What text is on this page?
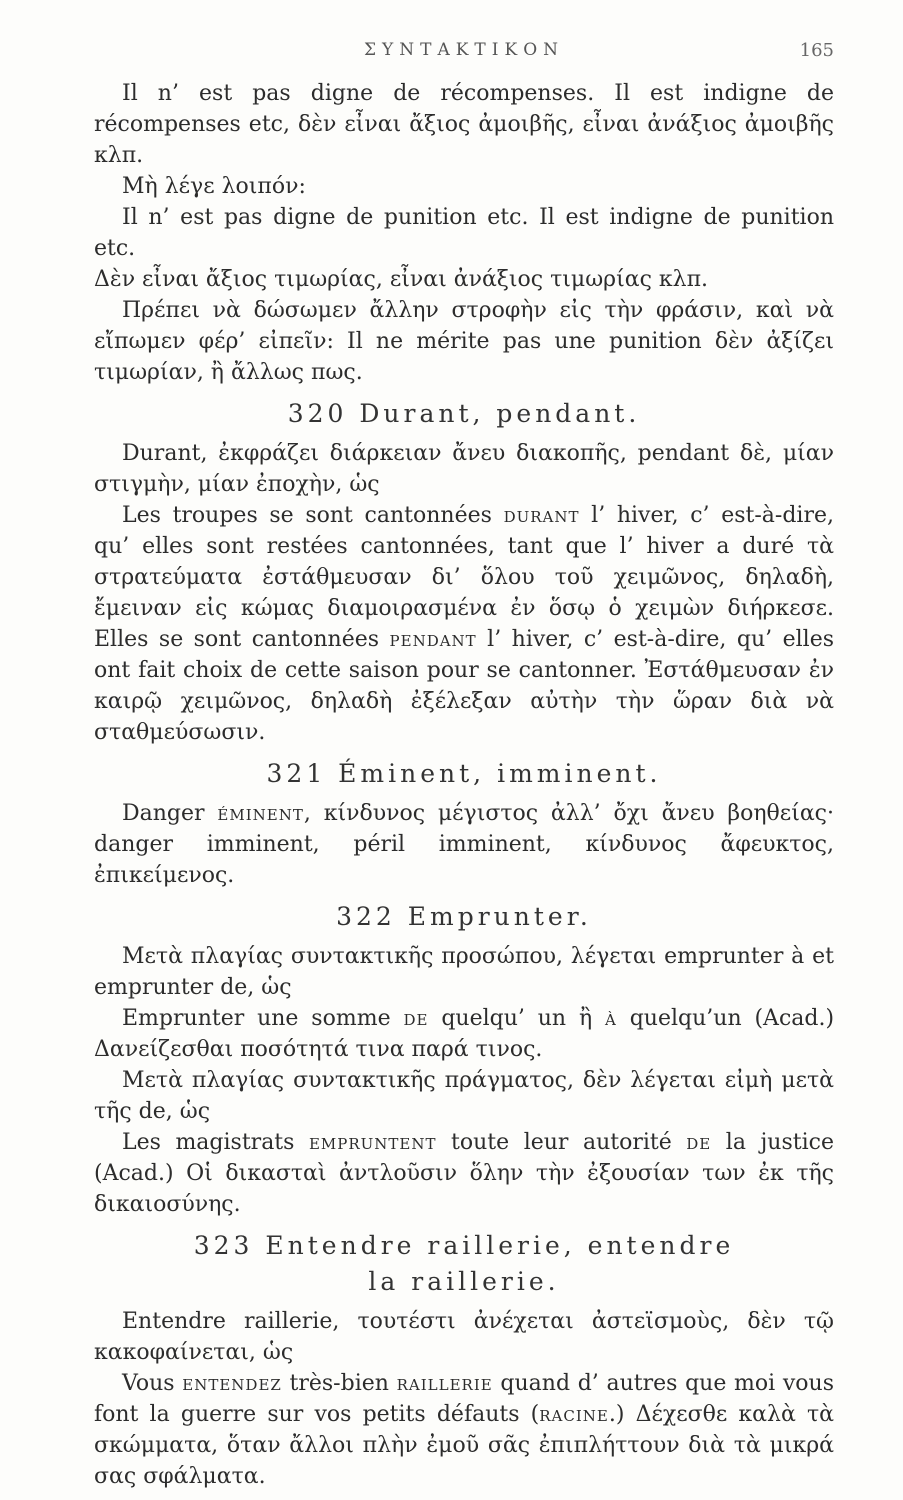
ΣΥΝΤΑΚΤΙΚΟΝ	165

Il n’ est pas digne de récompenses. Il est indigne de récompenses etc, δὲν εἶναι ἄξιος ἀμοιβῆς, εἶναι ἀνάξιος ἀμοιβῆς κλπ.

Μὴ λέγε λοιπόν:

Il n’ est pas digne de punition etc. Il est indigne de punition etc.

Δὲν εἶναι ἄξιος τιμωρίας, εἶναι ἀνάξιος τιμωρίας κλπ.

Πρέπει νὰ δώσωμεν ἄλλην στροφὴν εἰς τὴν φράσιν, καὶ νὰ εἴπωμεν φέρ’ εἰπεῖν: Il ne mérite pas une punition δὲν ἀξίζει τιμωρίαν, ἢ ἄλλως πως.

320 Durant, pendant.

Durant, ἐκφράζει διάρκειαν ἄνευ διακοπῆς, pendant δὲ, μίαν στιγμὴν, μίαν ἐποχὴν, ὡς

Les troupes se sont cantonnées durant l’ hiver, c’ est-à-dire, qu’ elles sont restées cantonnées, tant que l’ hiver a duré τὰ στρατεύματα ἐστάθμευσαν δι’ ὅλου τοῦ χειμῶνος, δηλαδὴ, ἔμειναν εἰς κώμας διαμοιρασμένα ἐν ὅσῳ ὁ χειμὼν διήρκεσε. Elles se sont cantonnées pendant l’ hiver, c’ est-à-dire, qu’ elles ont fait choix de cette saison pour se cantonner. Ἐστάθμευσαν ἐν καιρῷ χειμῶνος, δηλαδὴ ἐξέλεξαν αὐτὴν τὴν ὥραν διὰ νὰ σταθμεύσωσιν.

321 Éminent, imminent.

Danger éminent, κίνδυνος μέγιστος ἀλλ’ ὄχι ἄνευ βοηθείας· danger imminent, péril imminent, κίνδυνος ἄφευκτος, ἐπικείμενος.

322 Emprunter.

Μετὰ πλαγίας συντακτικῆς προσώπου, λέγεται emprunter à et emprunter de, ὡς

Emprunter une somme de quelqu’ un ἢ à quelqu’un (Acad.) Δανείζεσθαι ποσότητά τινα παρά τινος.

Μετὰ πλαγίας συντακτικῆς πράγματος, δὲν λέγεται εἰμὴ μετὰ τῆς de, ὡς

Les magistrats empruntent toute leur autorité de la justice (Acad.) Οἱ δικασταὶ ἀντλοῦσιν ὅλην τὴν ἐξουσίαν των ἐκ τῆς δικαιοσύνης.

323 Entendre raillerie, entendre
la raillerie.

Entendre raillerie, τουτέστι ἀνέχεται ἀστεϊσμοὺς, δὲν τῷ κακοφαίνεται, ὡς

Vous entendez très-bien raillerie quand d’ autres que moi vous font la guerre sur vos petits défauts (racine.) Δέχεσθε καλὰ τὰ σκώμματα, ὅταν ἄλλοι πλὴν ἐμοῦ σᾶς ἐπιπλήττουν διὰ τὰ μικρά σας σφάλματα.
